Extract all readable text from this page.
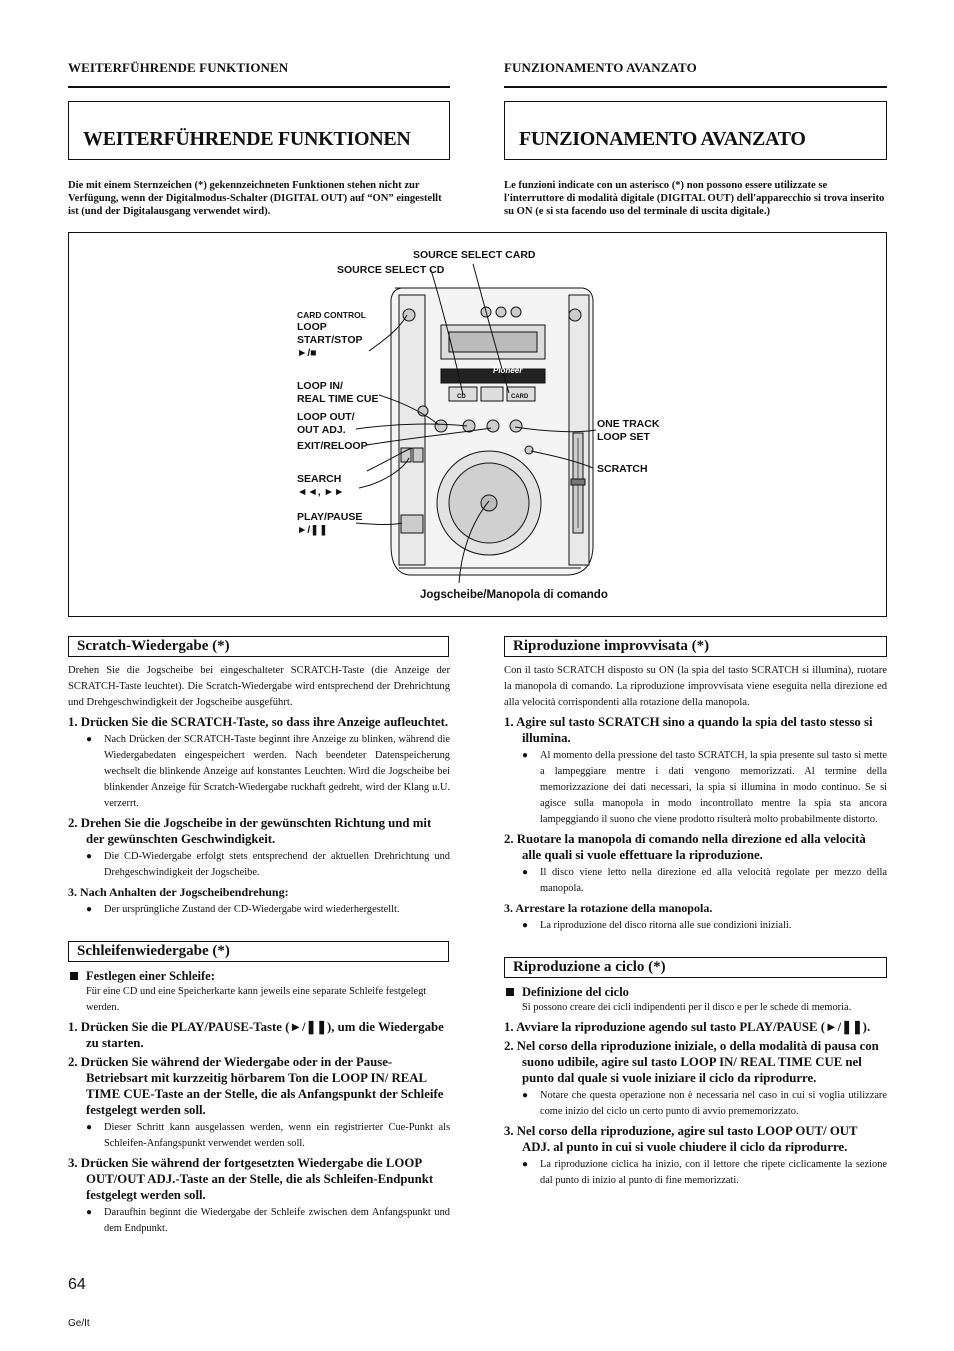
WEITERFÜHRENDE FUNKTIONEN	FUNZIONAMENTO AVANZATO
WEITERFÜHRENDE FUNKTIONEN	FUNZIONAMENTO AVANZATO
Die mit einem Sternzeichen (*) gekennzeichneten Funktionen stehen nicht zur Verfügung, wenn der Digitalmodus-Schalter (DIGITAL OUT) auf “ON” eingestellt ist (und der Digitalausgang verwendet wird).
Le funzioni indicate con un asterisco (*) non possono essere utilizzate se l'interruttore di modalità digitale (DIGITAL OUT) dell'apparecchio si trova inserito su ON (e si sta facendo uso del terminale di uscita digitale.)
Pioneer
CD	CARD
SOURCE SELECT CARD
SOURCE SELECT CD
CARD CONTROL
LOOP
START/STOP
►/■
LOOP IN/
REAL TIME CUE
LOOP OUT/
OUT ADJ.
EXIT/RELOOP
SEARCH
◄◄, ►►
PLAY/PAUSE
►/❚❚
ONE TRACK
LOOP SET
SCRATCH
Jogscheibe/Manopola di comando
Scratch-Wiedergabe (*)

Drehen Sie die Jogscheibe bei eingeschalteter SCRATCH-Taste (die Anzeige der SCRATCH-Taste leuchtet). Die Scratch-Wiedergabe wird entsprechend der Drehrichtung und Drehgeschwindigkeit der Jogscheibe ausgeführt.

1. Drücken Sie die SCRATCH-Taste, so dass ihre Anzeige aufleuchtet.

● Nach Drücken der SCRATCH-Taste beginnt ihre Anzeige zu blinken, während die Wiedergabedaten eingespeichert werden. Nach beendeter Datenspeicherung wechselt die blinkende Anzeige auf konstantes Leuchten. Wird die Jogscheibe bei blinkender Anzeige für Scratch-Wiedergabe ruckhaft gedreht, wird der Klang u.U. verzerrt.

2. Drehen Sie die Jogscheibe in der gewünschten Richtung und mit der gewünschten Geschwindigkeit.

● Die CD-Wiedergabe erfolgt stets entsprechend der aktuellen Drehrichtung und Drehgeschwindigkeit der Jogscheibe.

3. Nach Anhalten der Jogscheibendrehung:

● Der ursprüngliche Zustand der CD-Wiedergabe wird wiederhergestellt.

Schleifenwiedergabe (*)

Festlegen einer Schleife:

Für eine CD und eine Speicherkarte kann jeweils eine separate Schleife festgelegt werden.

1. Drücken Sie die PLAY/PAUSE-Taste (►/❚❚), um die Wiedergabe zu starten.

2. Drücken Sie während der Wiedergabe oder in der Pause-Betriebsart mit kurzzeitig hörbarem Ton die LOOP IN/ REAL TIME CUE-Taste an der Stelle, die als Anfangspunkt der Schleife festgelegt werden soll.

● Dieser Schritt kann ausgelassen werden, wenn ein registrierter Cue-Punkt als Schleifen-Anfangspunkt verwendet werden soll.

3. Drücken Sie während der fortgesetzten Wiedergabe die LOOP OUT/OUT ADJ.-Taste an der Stelle, die als Schleifen-Endpunkt festgelegt werden soll.

● Daraufhin beginnt die Wiedergabe der Schleife zwischen dem Anfangspunkt und dem Endpunkt.

Riproduzione improvvisata (*)

Con il tasto SCRATCH disposto su ON (la spia del tasto SCRATCH si illumina), ruotare la manopola di comando. La riproduzione improvvisata viene eseguita nella direzione ed alla velocità corrispondenti alla rotazione della manopola.

1. Agire sul tasto SCRATCH sino a quando la spia del tasto stesso si illumina.

● Al momento della pressione del tasto SCRATCH, la spia presente sul tasto si mette a lampeggiare mentre i dati vengono memorizzati. Al termine della memorizzazione dei dati necessari, la spia si illumina in modo continuo. Se si agisce sulla manopola in modo incontrollato mentre la spia sta ancora lampeggiando il suono che viene prodotto risulterà molto probabilmente distorto.

2. Ruotare la manopola di comando nella direzione ed alla velocità alle quali si vuole effettuare la riproduzione.

● Il disco viene letto nella direzione ed alla velocità regolate per mezzo della manopola.

3. Arrestare la rotazione della manopola.

● La riproduzione del disco ritorna alle sue condizioni iniziali.

Riproduzione a ciclo (*)

Definizione del ciclo

Si possono creare dei cicli indipendenti per il disco e per le schede di memoria.

1. Avviare la riproduzione agendo sul tasto PLAY/PAUSE (►/❚❚).

2. Nel corso della riproduzione iniziale, o della modalità di pausa con suono udibile, agire sul tasto LOOP IN/ REAL TIME CUE nel punto dal quale si vuole iniziare il ciclo da riprodurre.

● Notare che questa operazione non è necessaria nel caso in cui si voglia utilizzare come inizio del ciclo un certo punto di avvio prememorizzato.

3. Nel corso della riproduzione, agire sul tasto LOOP OUT/ OUT ADJ. al punto in cui si vuole chiudere il ciclo da riprodurre.

● La riproduzione ciclica ha inizio, con il lettore che ripete ciclicamente la sezione dal punto di inizio al punto di fine memorizzati.

64
Ge/It
